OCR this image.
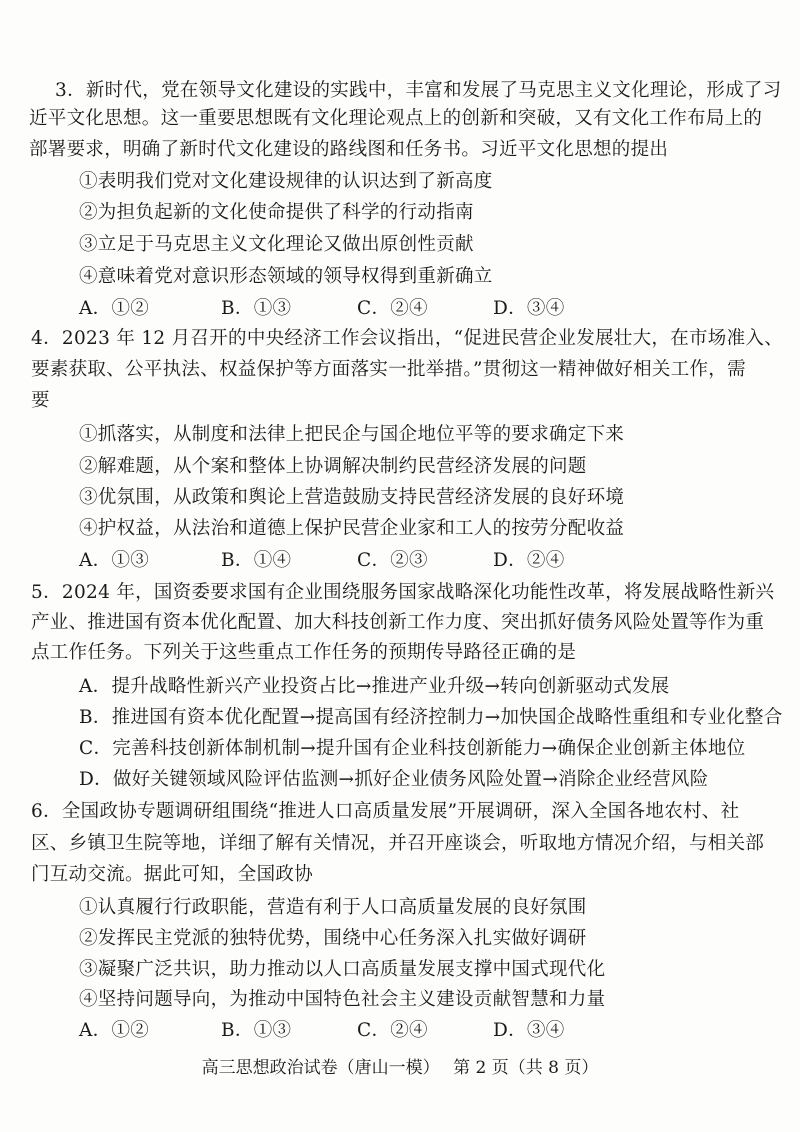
3．新时代，党在领导文化建设的实践中，丰富和发展了马克思主义文化理论，形成了习
近平文化思想。这一重要思想既有文化理论观点上的创新和突破，又有文化工作布局上的
部署要求，明确了新时代文化建设的路线图和任务书。习近平文化思想的提出
①表明我们党对文化建设规律的认识达到了新高度
②为担负起新的文化使命提供了科学的行动指南
③立足于马克思主义文化理论又做出原创性贡献
④意味着党对意识形态领域的领导权得到重新确立
A．①②	B．①③	C．②④	D．③④
4．2023 年 12 月召开的中央经济工作会议指出，“促进民营企业发展壮大，在市场准入、
要素获取、公平执法、权益保护等方面落实一批举措。”贯彻这一精神做好相关工作，需
要
①抓落实，从制度和法律上把民企与国企地位平等的要求确定下来
②解难题，从个案和整体上协调解决制约民营经济发展的问题
③优氛围，从政策和舆论上营造鼓励支持民营经济发展的良好环境
④护权益，从法治和道德上保护民营企业家和工人的按劳分配收益
A．①③	B．①④	C．②③	D．②④
5．2024 年，国资委要求国有企业围绕服务国家战略深化功能性改革，将发展战略性新兴
产业、推进国有资本优化配置、加大科技创新工作力度、突出抓好债务风险处置等作为重
点工作任务。下列关于这些重点工作任务的预期传导路径正确的是
A．提升战略性新兴产业投资占比→推进产业升级→转向创新驱动式发展
B．推进国有资本优化配置→提高国有经济控制力→加快国企战略性重组和专业化整合
C．完善科技创新体制机制→提升国有企业科技创新能力→确保企业创新主体地位
D．做好关键领域风险评估监测→抓好企业债务风险处置→消除企业经营风险
6．全国政协专题调研组围绕“推进人口高质量发展”开展调研，深入全国各地农村、社
区、乡镇卫生院等地，详细了解有关情况，并召开座谈会，听取地方情况介绍，与相关部
门互动交流。据此可知，全国政协
①认真履行行政职能，营造有利于人口高质量发展的良好氛围
②发挥民主党派的独特优势，围绕中心任务深入扎实做好调研
③凝聚广泛共识，助力推动以人口高质量发展支撑中国式现代化
④坚持问题导向，为推动中国特色社会主义建设贡献智慧和力量
A．①②	B．①③	C．②④	D．③④
高三思想政治试卷（唐山一模） 第 2 页（共 8 页）
